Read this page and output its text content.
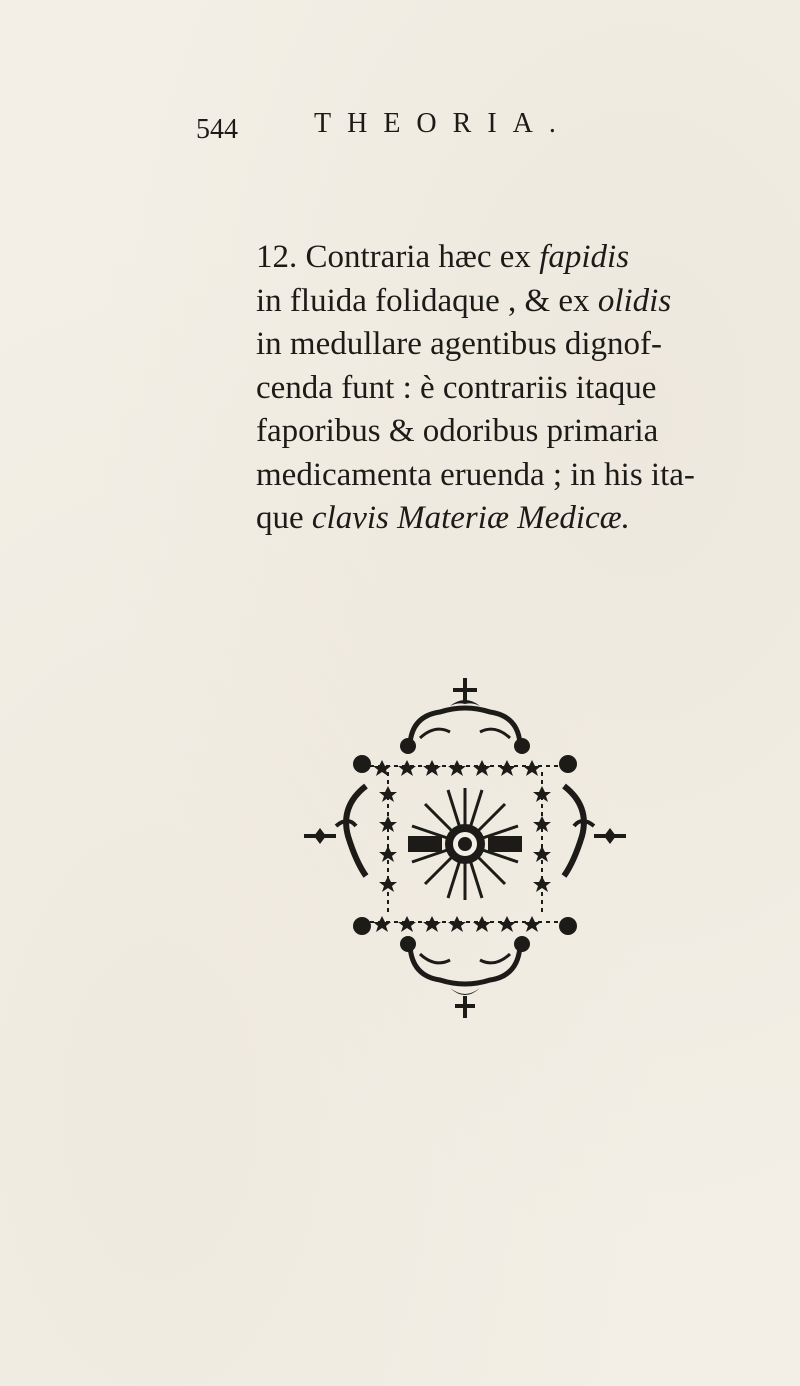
544	THEORIA.
12. Contraria hæc ex fapidis
in fluida folidaque , & ex olidis
in medullare agentibus dignof-
cenda funt : è contrariis itaque
faporibus & odoribus primaria
medicamenta eruenda ; in his ita-
que clavis Materiæ Medicæ.
